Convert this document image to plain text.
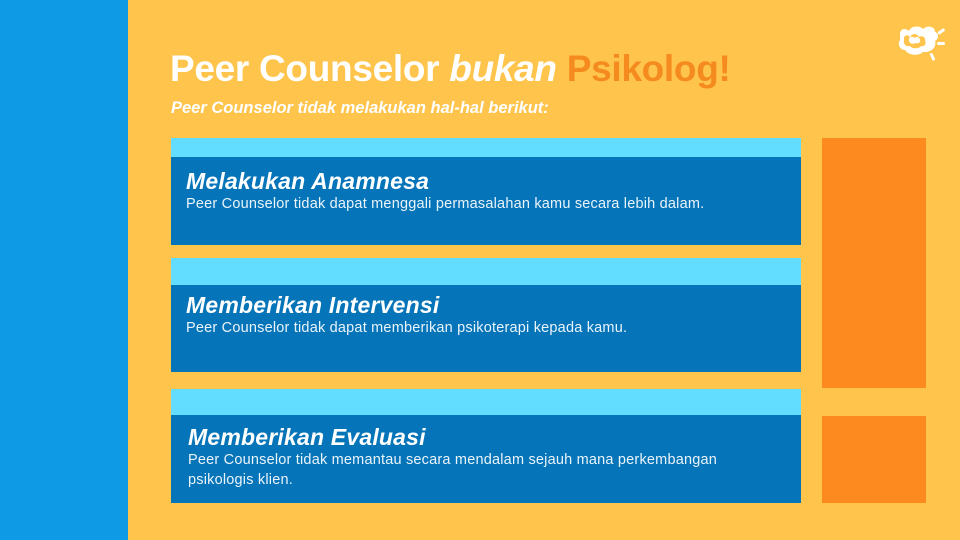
Peer Counselor bukan Psikolog!

Peer Counselor tidak melakukan hal-hal berikut:

Melakukan Anamnesa

Peer Counselor tidak dapat menggali permasalahan kamu secara lebih dalam.

Memberikan Intervensi

Peer Counselor tidak dapat memberikan psikoterapi kepada kamu.

Memberikan Evaluasi

Peer Counselor tidak memantau secara mendalam sejauh mana perkembangan psikologis klien.
